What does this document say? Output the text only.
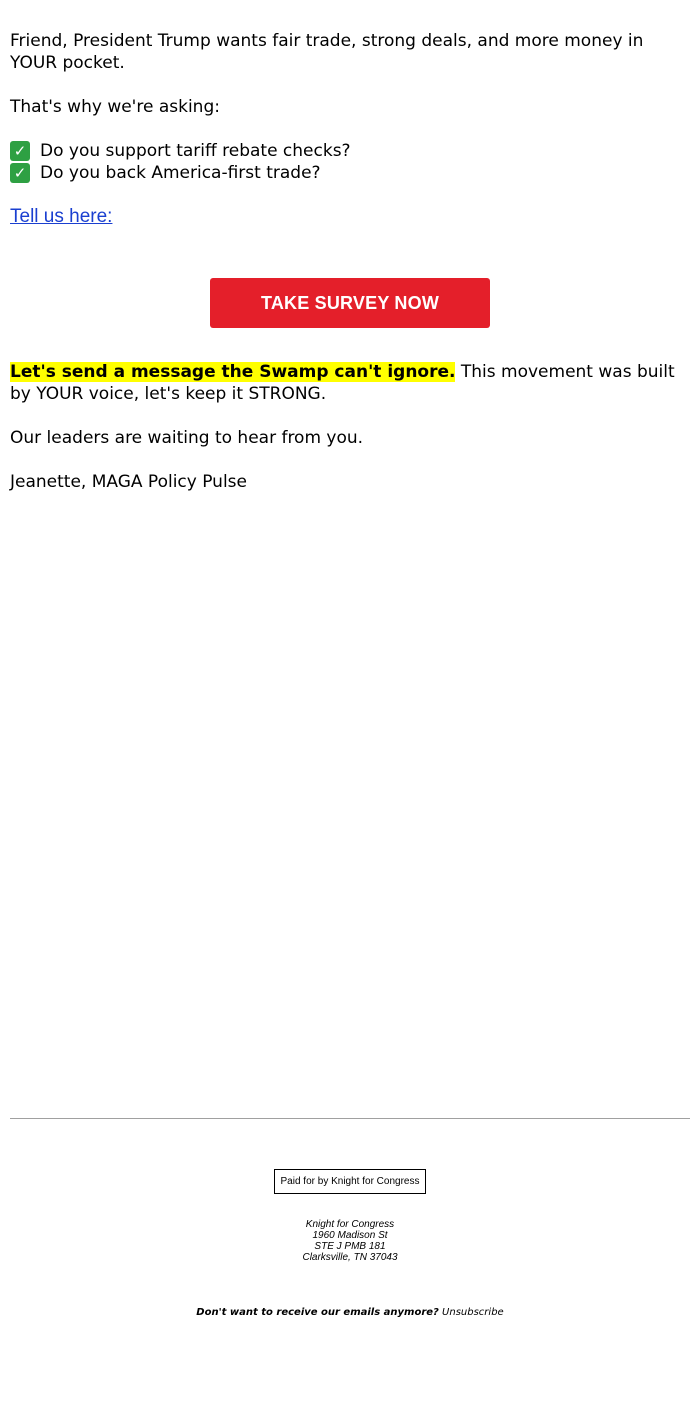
Friend, President Trump wants fair trade, strong deals, and more money in YOUR pocket.

That's why we're asking:

✓ Do you support tariff rebate checks?
✓ Do you back America-first trade?

Tell us here:

TAKE SURVEY NOW

Let's send a message the Swamp can't ignore. This movement was built by YOUR voice, let's keep it STRONG.

Our leaders are waiting to hear from you.

Jeanette, MAGA Policy Pulse

Paid for by Knight for Congress
Knight for Congress
1960 Madison St
STE J PMB 181
Clarksville, TN 37043
Don't want to receive our emails anymore? Unsubscribe
